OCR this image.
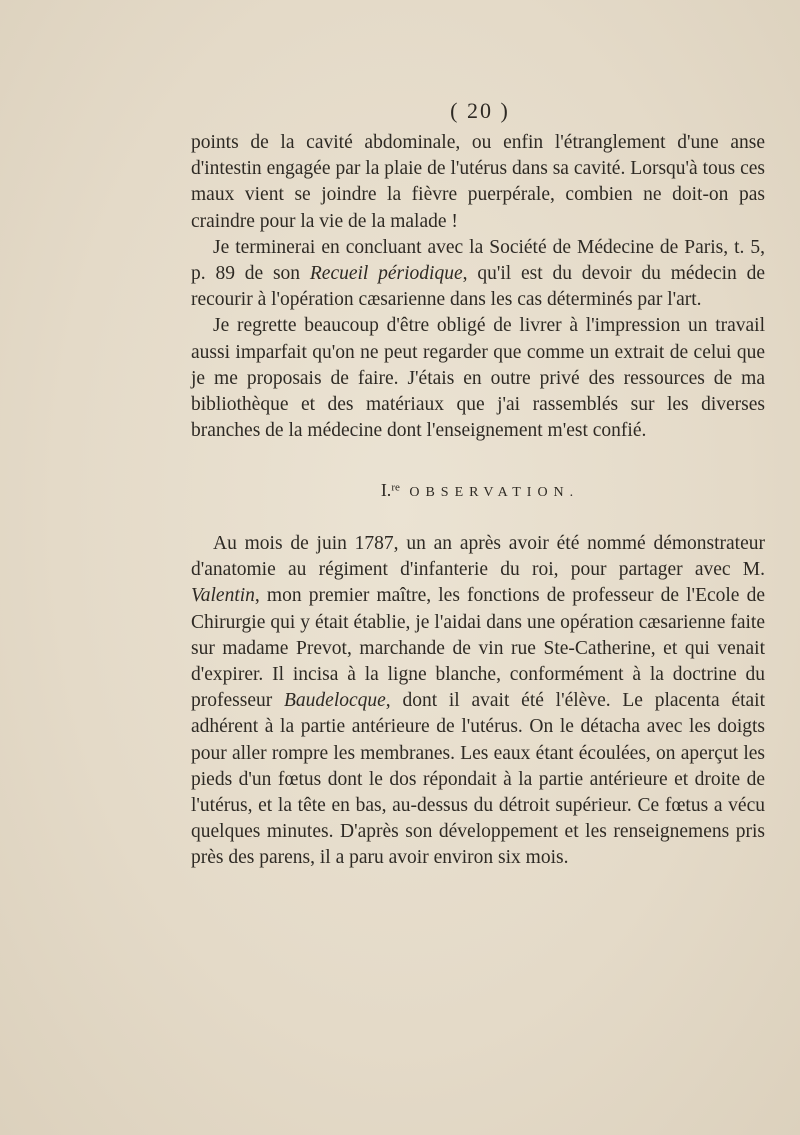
( 20 )

points de la cavité abdominale, ou enfin l'étranglement d'une anse d'intestin engagée par la plaie de l'utérus dans sa cavité. Lorsqu'à tous ces maux vient se joindre la fièvre puerpérale, combien ne doit-on pas craindre pour la vie de la malade !

Je terminerai en concluant avec la Société de Médecine de Paris, t. 5, p. 89 de son Recueil périodique, qu'il est du devoir du médecin de recourir à l'opération cæsarienne dans les cas déterminés par l'art.

Je regrette beaucoup d'être obligé de livrer à l'impression un travail aussi imparfait qu'on ne peut regarder que comme un extrait de celui que je me proposais de faire. J'étais en outre privé des ressources de ma bibliothèque et des matériaux que j'ai rassemblés sur les diverses branches de la médecine dont l'enseignement m'est confié.

I.$^{re}$ OBSERVATION.

Au mois de juin 1787, un an après avoir été nommé démonstrateur d'anatomie au régiment d'infanterie du roi, pour partager avec M. Valentin, mon premier maître, les fonctions de professeur de l'Ecole de Chirurgie qui y était établie, je l'aidai dans une opération cæsarienne faite sur madame Prevot, marchande de vin rue Ste-Catherine, et qui venait d'expirer. Il incisa à la ligne blanche, conformément à la doctrine du professeur Baudelocque, dont il avait été l'élève. Le placenta était adhérent à la partie antérieure de l'utérus. On le détacha avec les doigts pour aller rompre les membranes. Les eaux étant écoulées, on aperçut les pieds d'un fœtus dont le dos répondait à la partie antérieure et droite de l'utérus, et la tête en bas, au-dessus du détroit supérieur. Ce fœtus a vécu quelques minutes. D'après son développement et les renseignemens pris près des parens, il a paru avoir environ six mois.
